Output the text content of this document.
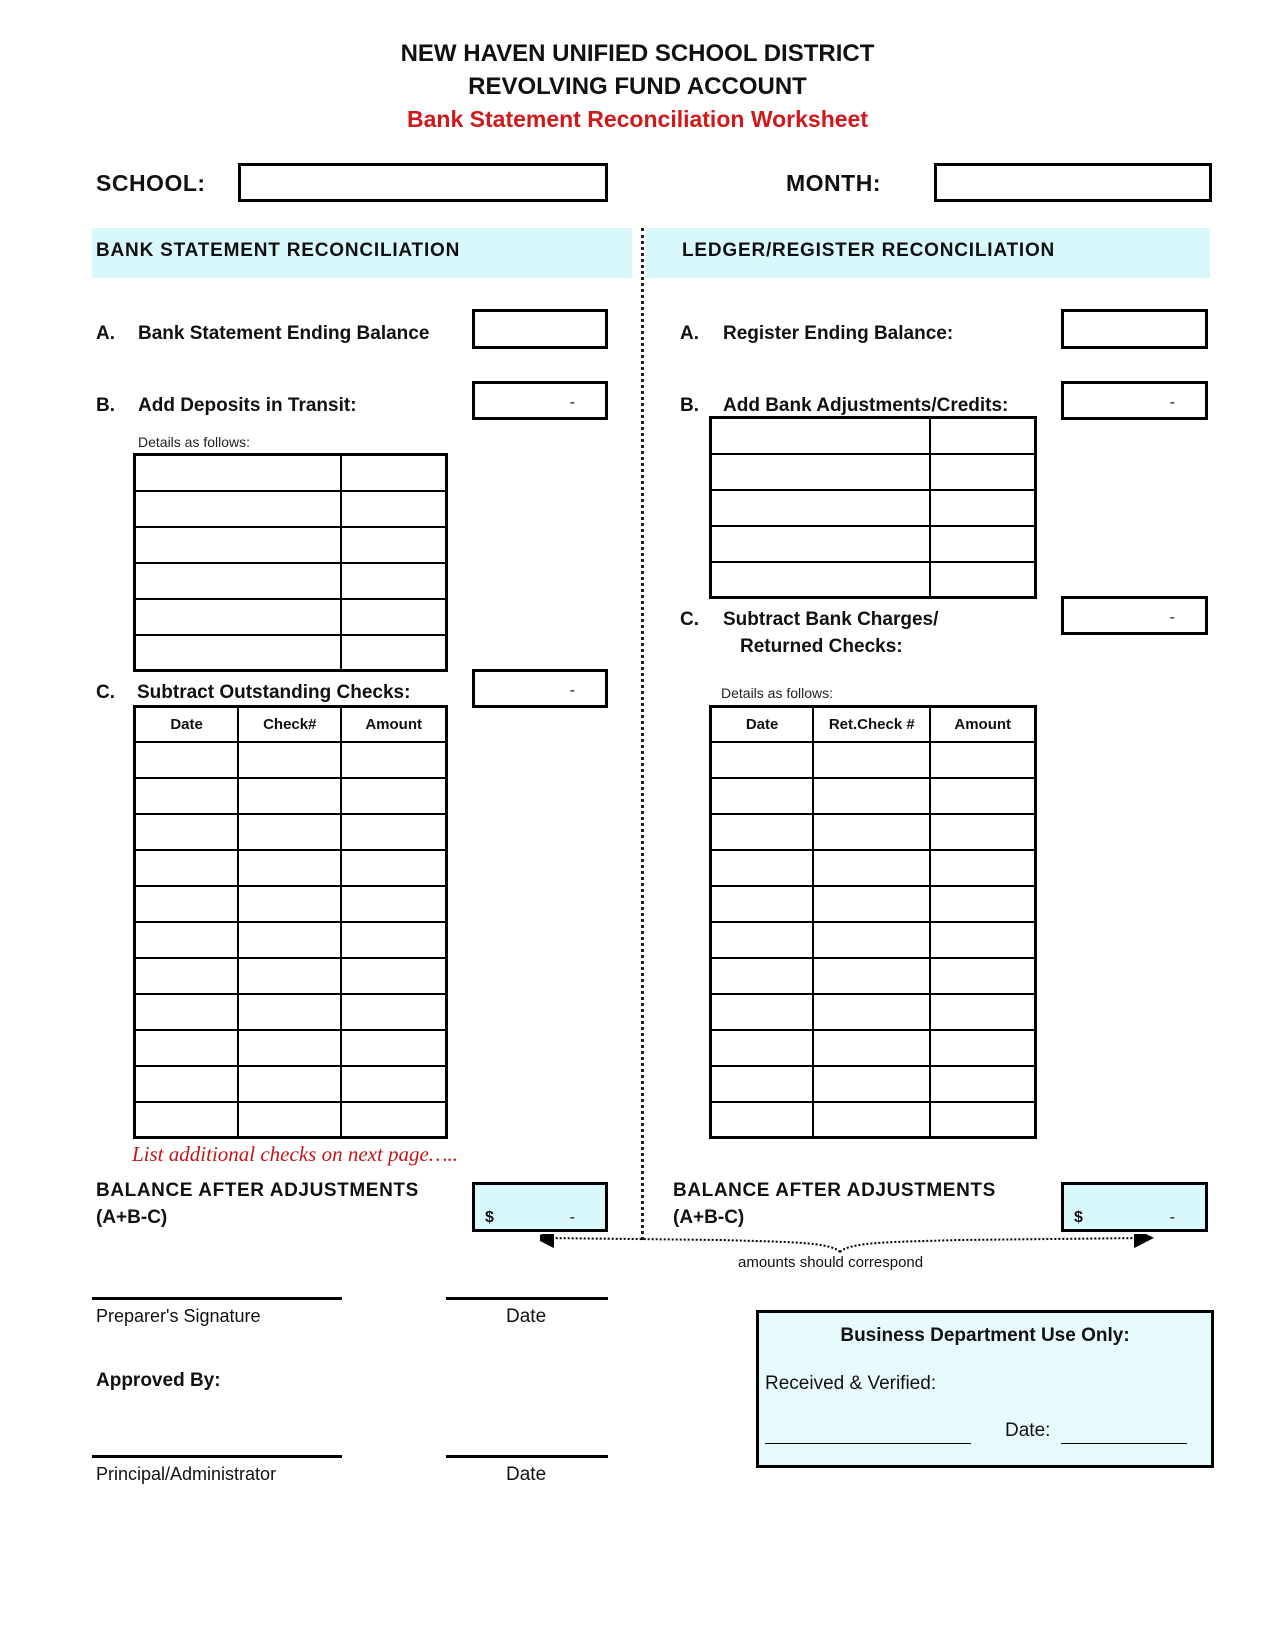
NEW HAVEN UNIFIED SCHOOL DISTRICT
REVOLVING FUND ACCOUNT
Bank Statement Reconciliation Worksheet
SCHOOL:	MONTH:
BANK STATEMENT RECONCILIATION	LEDGER/REGISTER RECONCILIATION
A. Bank Statement Ending Balance
B. Add Deposits in Transit:	-
Details as follows:

C. Subtract Outstanding Checks:	-
Date	Check#	Amount

List additional checks on next page…..
BALANCE AFTER ADJUSTMENTS
(A+B-C)	$	-
A. Register Ending Balance:
B. Add Bank Adjustments/Credits:	-

C. Subtract Bank Charges/
Returned Checks:
-
Details as follows:
Date	Ret.Check #	Amount

BALANCE AFTER ADJUSTMENTS
(A+B-C)	$	-
amounts should correspond
Preparer's Signature	Date
Approved By:
Principal/Administrator	Date
Business Department Use Only:
Received & Verified:
Date:
